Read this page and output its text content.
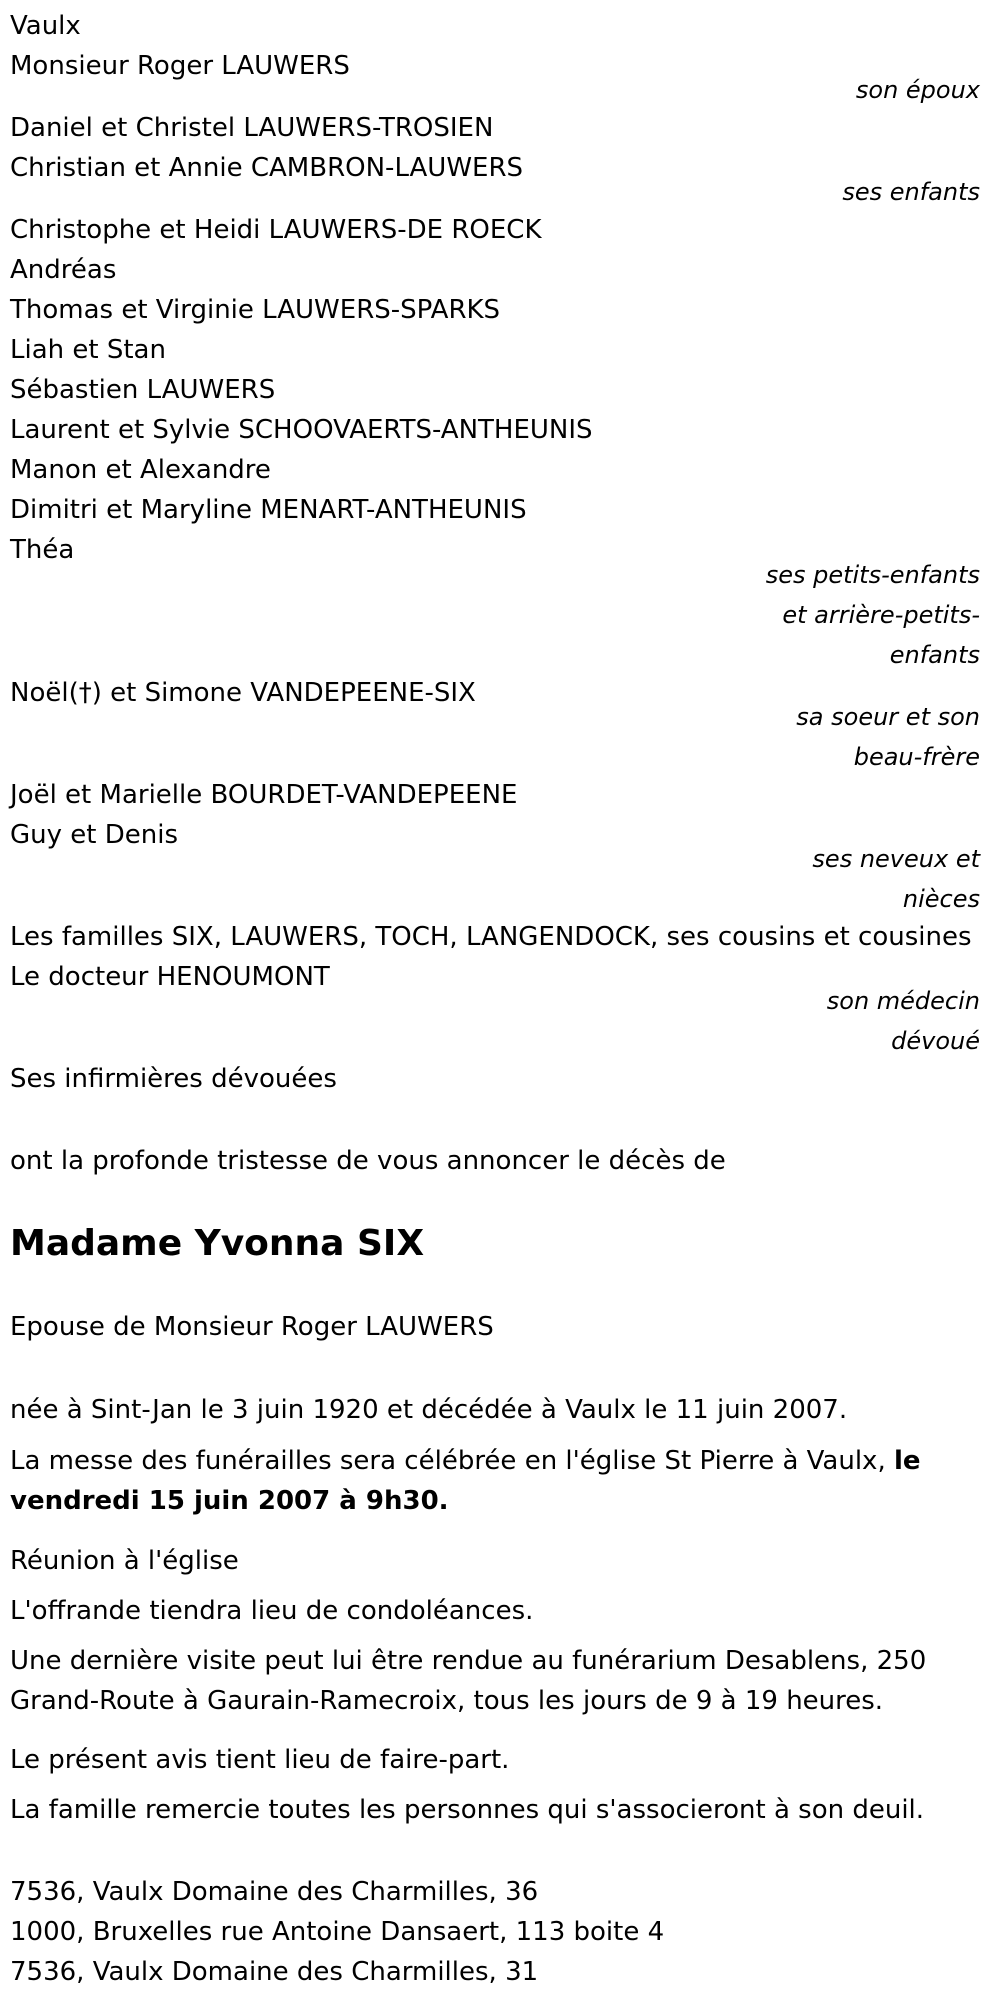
Vaulx
Monsieur Roger LAUWERS
son époux
Daniel et Christel LAUWERS-TROSIEN
Christian et Annie CAMBRON-LAUWERS
ses enfants
Christophe et Heidi LAUWERS-DE ROECK
Andréas
Thomas et Virginie LAUWERS-SPARKS
Liah et Stan
Sébastien LAUWERS
Laurent et Sylvie SCHOOVAERTS-ANTHEUNIS
Manon et Alexandre
Dimitri et Maryline MENART-ANTHEUNIS
Théa
ses petits-enfants
et arrière-petits-
enfants
Noël(†) et Simone VANDEPEENE-SIX
sa soeur et son
beau-frère
Joël et Marielle BOURDET-VANDEPEENE
Guy et Denis
ses neveux et
nièces
Les familles SIX, LAUWERS, TOCH, LANGENDOCK, ses cousins et cousines
Le docteur HENOUMONT
son médecin
dévoué
Ses infirmières dévouées
ont la profonde tristesse de vous annoncer le décès de
Madame Yvonna SIX
Epouse de Monsieur Roger LAUWERS
née à Sint-Jan le 3 juin 1920 et décédée à Vaulx le 11 juin 2007.
La messe des funérailles sera célébrée en l'église St Pierre à Vaulx, le vendredi 15 juin 2007 à 9h30.
Réunion à l'église
L'offrande tiendra lieu de condoléances.
Une dernière visite peut lui être rendue au funérarium Desablens, 250 Grand-Route à Gaurain-Ramecroix, tous les jours de 9 à 19 heures.
Le présent avis tient lieu de faire-part.
La famille remercie toutes les personnes qui s'associeront à son deuil.
7536, Vaulx Domaine des Charmilles, 36
1000, Bruxelles rue Antoine Dansaert, 113 boite 4
7536, Vaulx Domaine des Charmilles, 31
